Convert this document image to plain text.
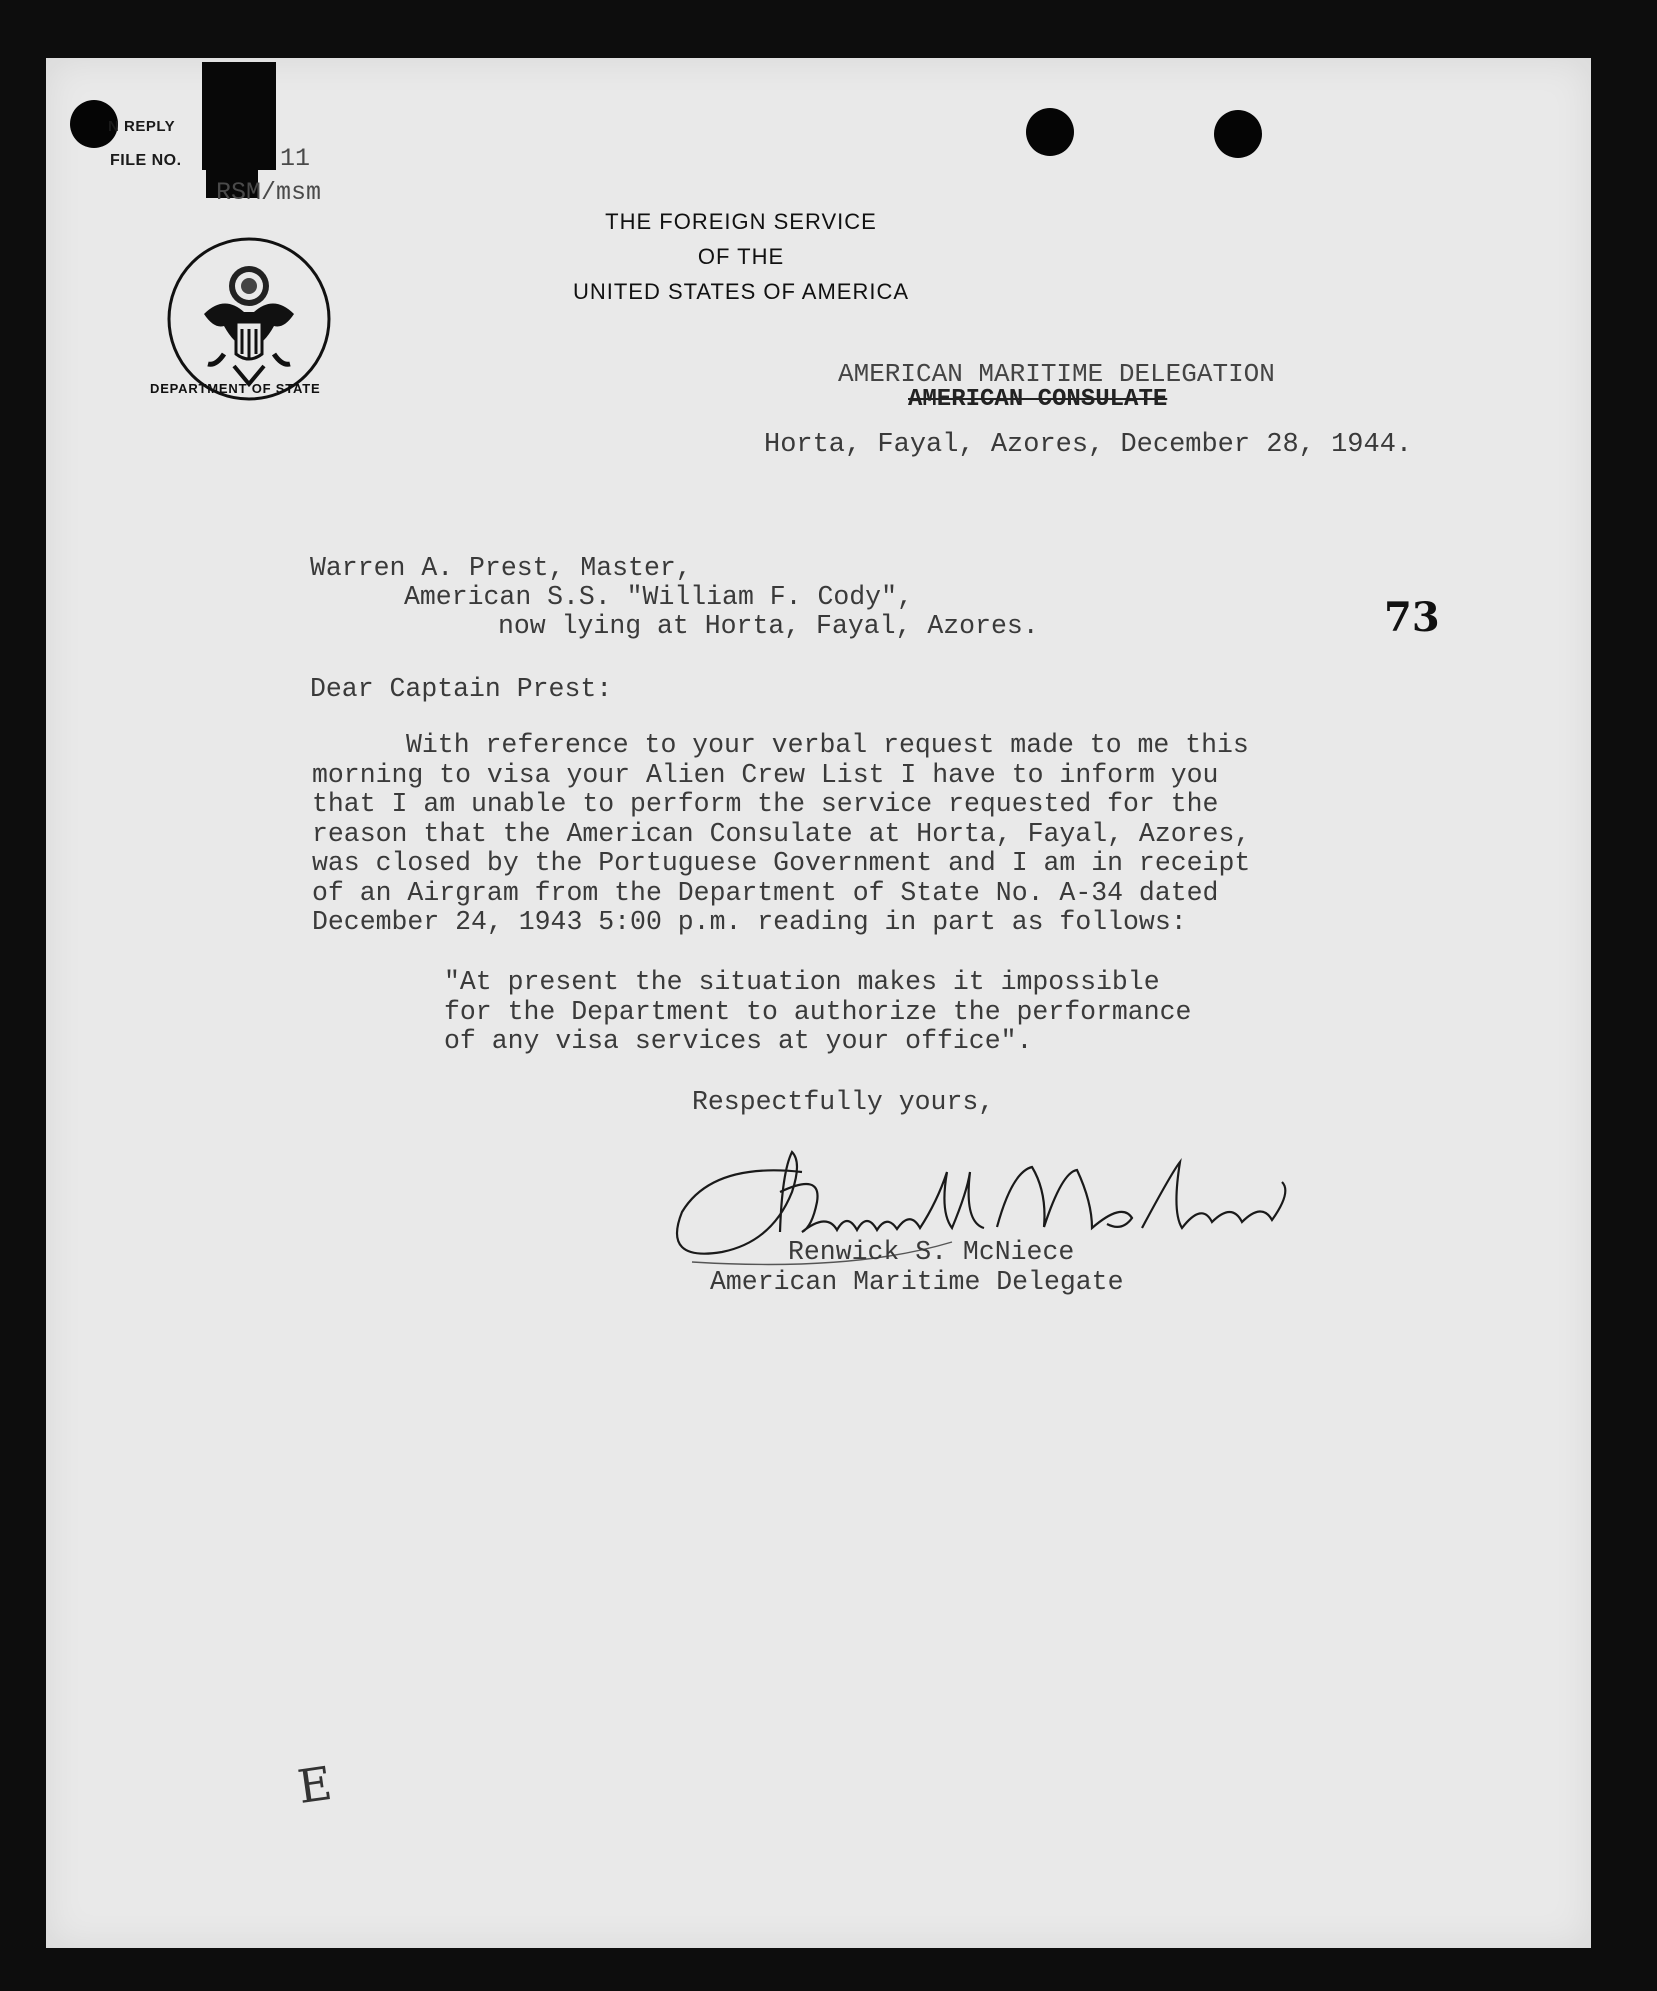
N REPLY
FILE NO.	11
RSM/msm
DEPARTMENT OF STATE
THE FOREIGN SERVICE
OF THE
UNITED STATES OF AMERICA
AMERICAN MARITIME DELEGATION
AMERICAN CONSULATE
Horta, Fayal, Azores, December 28, 1944.
Warren A. Prest, Master,
American S.S. "William F. Cody",
now lying at Horta, Fayal, Azores.	73
Dear Captain Prest:
With reference to your verbal request made to me this
morning to visa your Alien Crew List I have to inform you
that I am unable to perform the service requested for the
reason that the American Consulate at Horta, Fayal, Azores,
was closed by the Portuguese Government and I am in receipt
of an Airgram from the Department of State No. A-34 dated
December 24, 1943 5:00 p.m. reading in part as follows:
"At present the situation makes it impossible
for the Department to authorize the performance
of any visa services at your office".
Respectfully yours,
Renwick S. McNiece
American Maritime Delegate
E
